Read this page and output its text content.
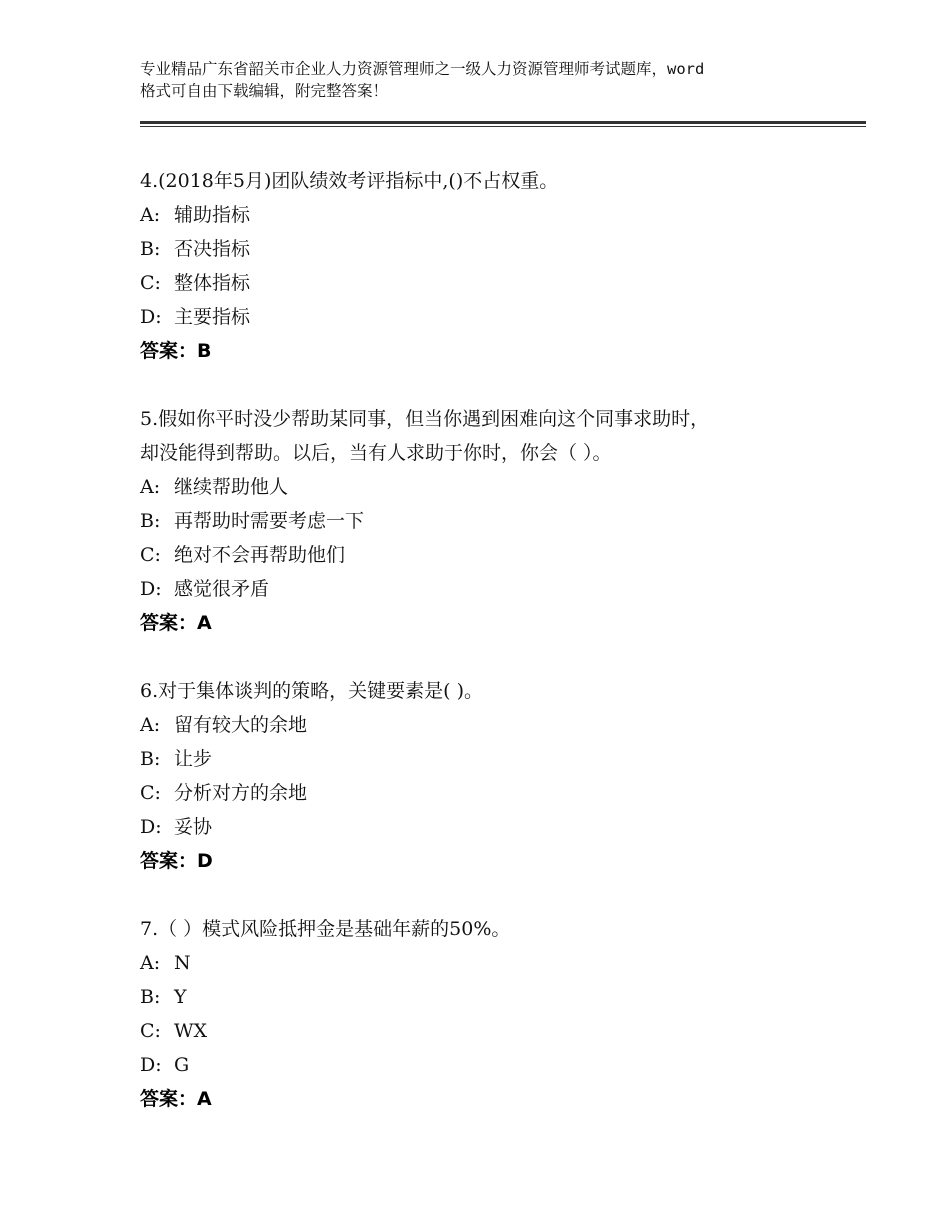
专业精品广东省韶关市企业人力资源管理师之一级人力资源管理师考试题库，word
格式可自由下载编辑，附完整答案！
4.(2018年5月)团队绩效考评指标中,()不占权重。
A: 辅助指标
B: 否决指标
C: 整体指标
D: 主要指标
答案：B
5.假如你平时没少帮助某同事，但当你遇到困难向这个同事求助时，
却没能得到帮助。以后，当有人求助于你时，你会（ ）。
A: 继续帮助他人
B: 再帮助时需要考虑一下
C: 绝对不会再帮助他们
D: 感觉很矛盾
答案：A
6.对于集体谈判的策略，关键要素是( )。
A: 留有较大的余地
B: 让步
C: 分析对方的余地
D: 妥协
答案：D
7.（ ）模式风险抵押金是基础年薪的50%。
A: N
B: Y
C: WX
D: G
答案：A
